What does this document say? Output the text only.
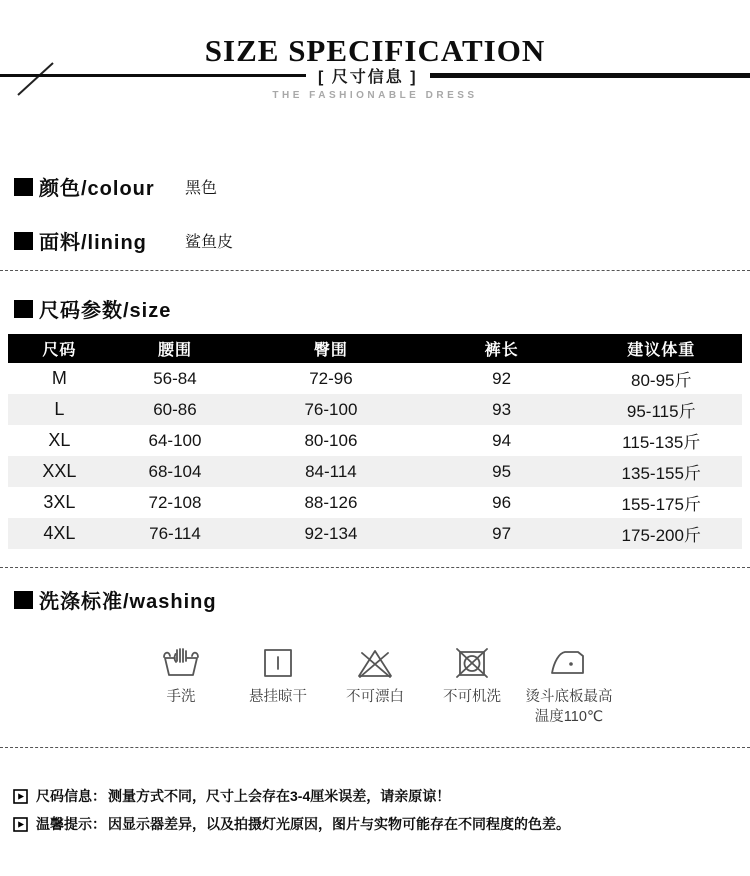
SIZE SPECIFICATION
[ 尺寸信息 ]
THE FASHIONABLE DRESS
颜色/colour	黑色
面料/lining	鲨鱼皮
尺码参数/size
尺码	腰围	臀围	裤长	建议体重
M	56-84	72-96	92	80-95斤
L	60-86	76-100	93	95-115斤
XL	64-100	80-106	94	115-135斤
XXL	68-104	84-114	95	135-155斤
3XL	72-108	88-126	96	155-175斤
4XL	76-114	92-134	97	175-200斤
洗涤标准/washing
手洗	悬挂晾干	不可漂白	不可机洗	烫斗底板最高温度110℃
尺码信息： 测量方式不同，尺寸上会存在3-4厘米误差，请亲原谅！
温馨提示： 因显示器差异，以及拍摄灯光原因，图片与实物可能存在不同程度的色差。
